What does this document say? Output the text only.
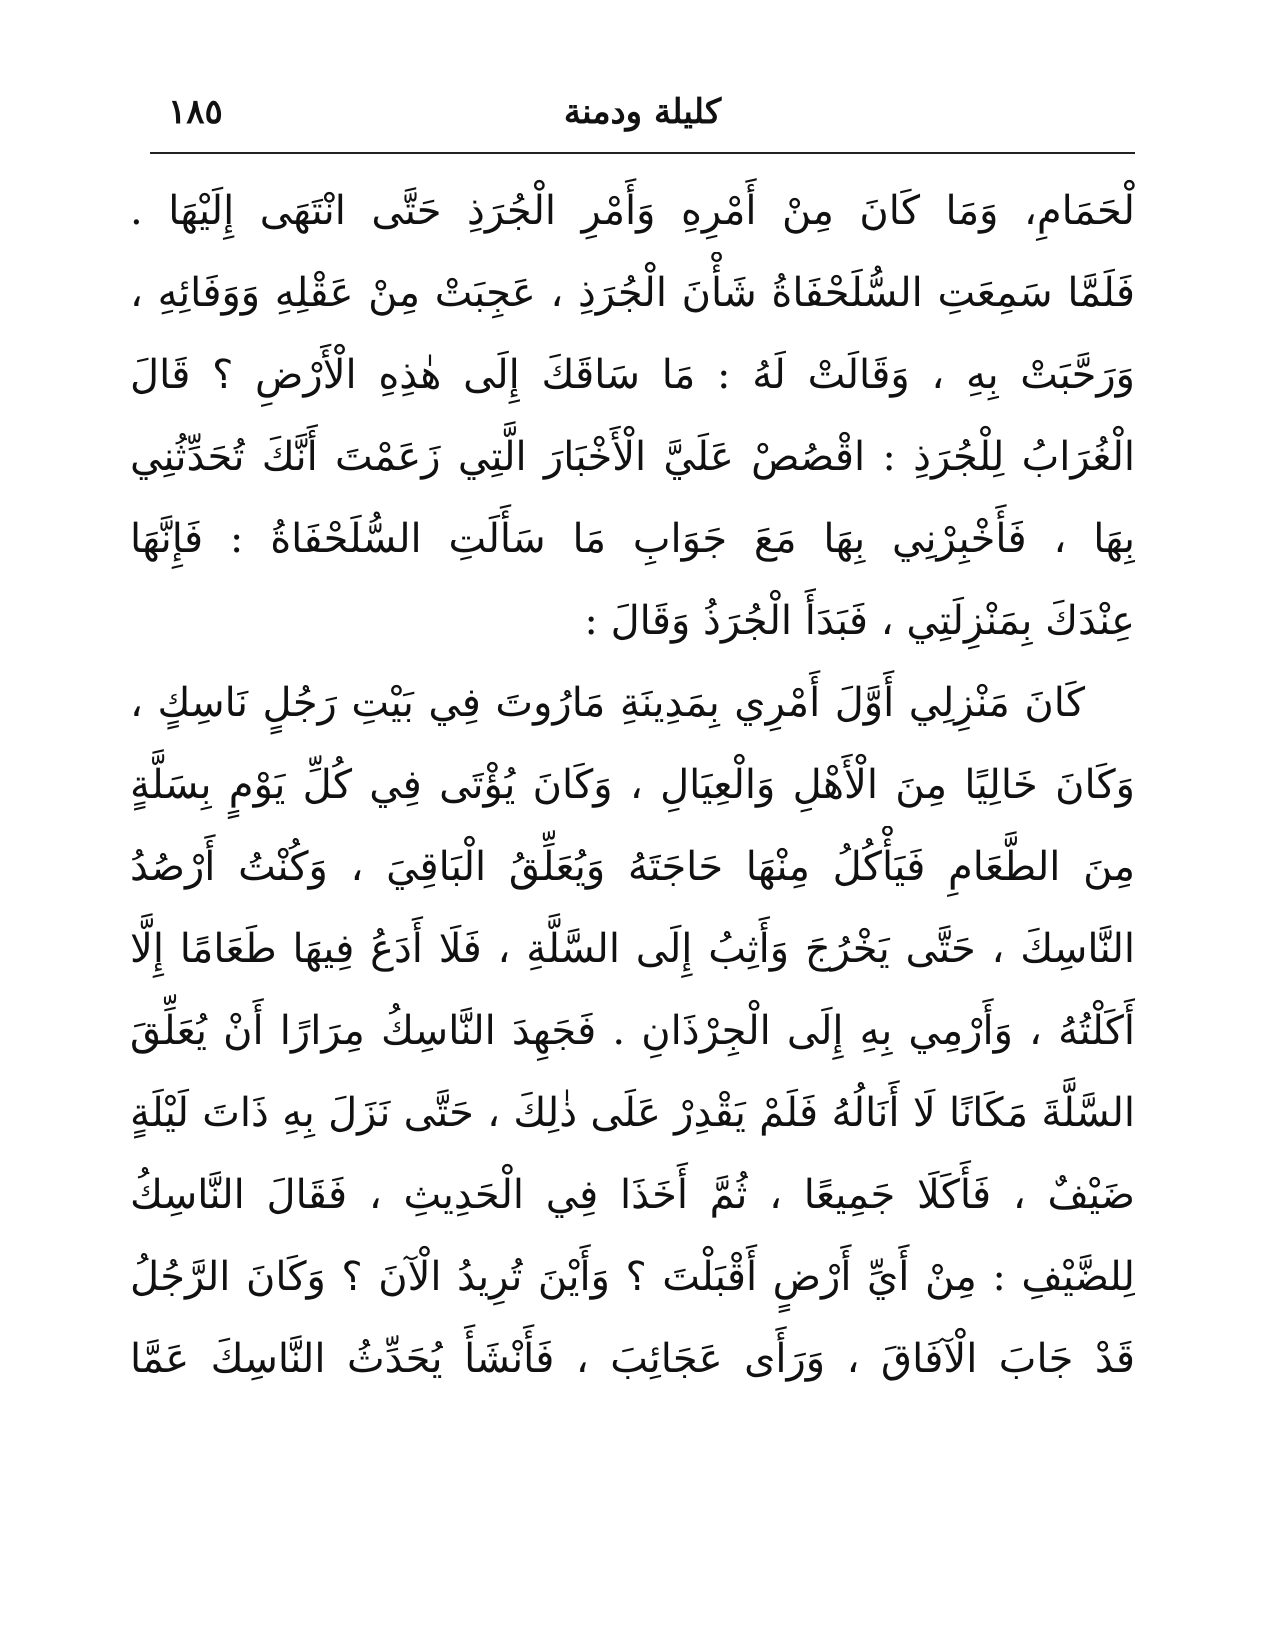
كليلة ودمنة
١٨٥
لْحَمَامِ، وَمَا كَانَ مِنْ أَمْرِهِ وَأَمْرِ الْجُرَذِ حَتَّى انْتَهَى إِلَيْهَا .
فَلَمَّا سَمِعَتِ السُّلَحْفَاةُ شَأْنَ الْجُرَذِ ، عَجِبَتْ مِنْ عَقْلِهِ وَوَفَائِهِ ،
وَرَحَّبَتْ بِهِ ، وَقَالَتْ لَهُ : مَا سَاقَكَ إِلَى هٰذِهِ الْأَرْضِ ؟ قَالَ
الْغُرَابُ لِلْجُرَذِ : اقْصُصْ عَلَيَّ الْأَخْبَارَ الَّتِي زَعَمْتَ أَنَّكَ تُحَدِّثُنِي
بِهَا ، فَأَخْبِرْنِي بِهَا مَعَ جَوَابِ مَا سَأَلَتِ السُّلَحْفَاةُ : فَإِنَّهَا
عِنْدَكَ بِمَنْزِلَتِي ، فَبَدَأَ الْجُرَذُ وَقَالَ :
كَانَ مَنْزِلِي أَوَّلَ أَمْرِي بِمَدِينَةِ مَارُوتَ فِي بَيْتِ رَجُلٍ نَاسِكٍ ،
وَكَانَ خَالِيًا مِنَ الْأَهْلِ وَالْعِيَالِ ، وَكَانَ يُؤْتَى فِي كُلِّ يَوْمٍ بِسَلَّةٍ
مِنَ الطَّعَامِ فَيَأْكُلُ مِنْهَا حَاجَتَهُ وَيُعَلِّقُ الْبَاقِيَ ، وَكُنْتُ أَرْصُدُ
النَّاسِكَ ، حَتَّى يَخْرُجَ وَأَثِبُ إِلَى السَّلَّةِ ، فَلَا أَدَعُ فِيهَا طَعَامًا إِلَّا
أَكَلْتُهُ ، وَأَرْمِي بِهِ إِلَى الْجِرْذَانِ . فَجَهِدَ النَّاسِكُ مِرَارًا أَنْ يُعَلِّقَ
السَّلَّةَ مَكَانًا لَا أَنَالُهُ فَلَمْ يَقْدِرْ عَلَى ذٰلِكَ ، حَتَّى نَزَلَ بِهِ ذَاتَ لَيْلَةٍ
ضَيْفٌ ، فَأَكَلَا جَمِيعًا ، ثُمَّ أَخَذَا فِي الْحَدِيثِ ، فَقَالَ النَّاسِكُ
لِلضَّيْفِ : مِنْ أَيِّ أَرْضٍ أَقْبَلْتَ ؟ وَأَيْنَ تُرِيدُ الْآنَ ؟ وَكَانَ الرَّجُلُ
قَدْ جَابَ الْآفَاقَ ، وَرَأَى عَجَائِبَ ، فَأَنْشَأَ يُحَدِّثُ النَّاسِكَ عَمَّا
